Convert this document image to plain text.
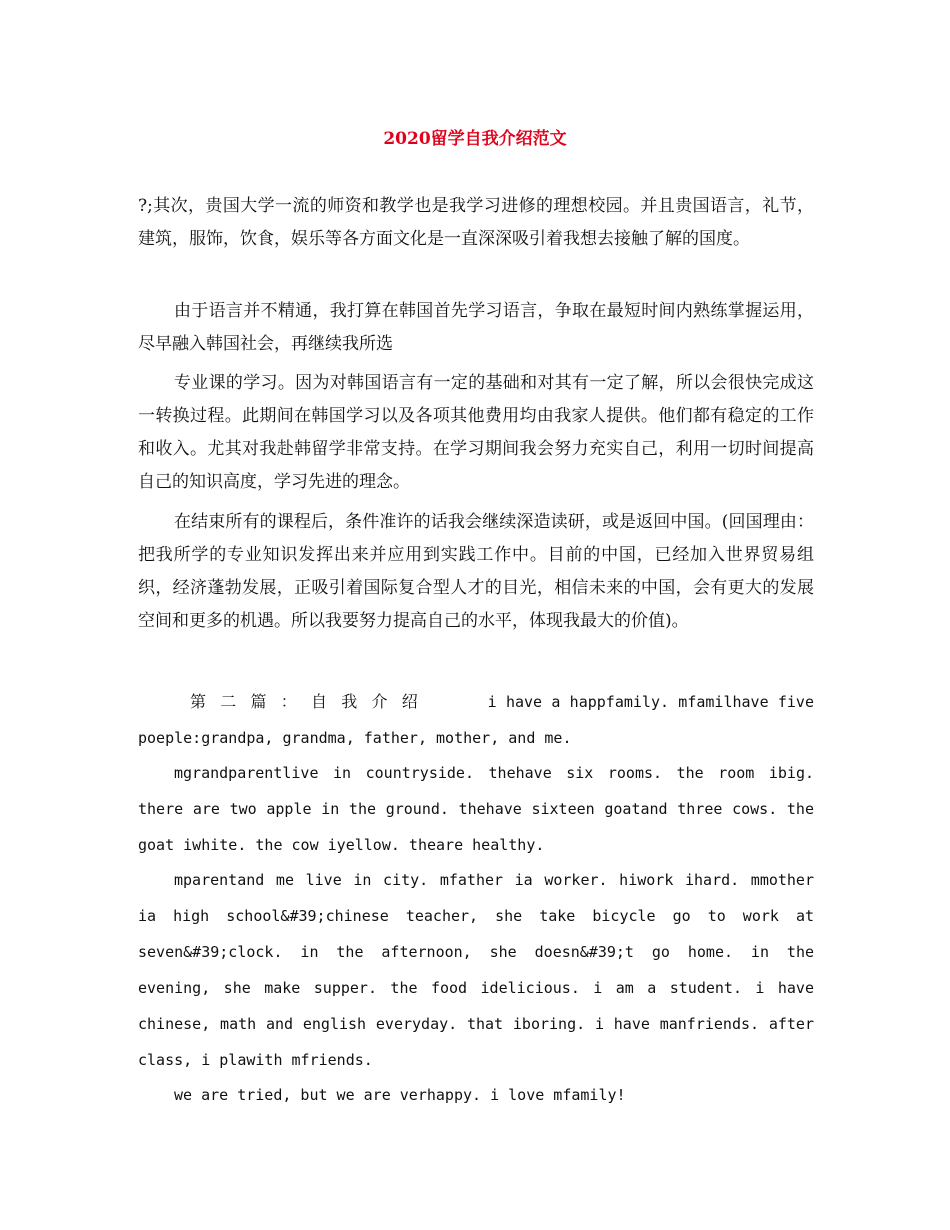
2020留学自我介绍范文
?;其次，贵国大学一流的师资和教学也是我学习进修的理想校园。并且贵国语言，礼节，建筑，服饰，饮食，娱乐等各方面文化是一直深深吸引着我想去接触了解的国度。
由于语言并不精通，我打算在韩国首先学习语言，争取在最短时间内熟练掌握运用，尽早融入韩国社会，再继续我所选
专业课的学习。因为对韩国语言有一定的基础和对其有一定了解，所以会很快完成这一转换过程。此期间在韩国学习以及各项其他费用均由我家人提供。他们都有稳定的工作和收入。尤其对我赴韩留学非常支持。在学习期间我会努力充实自己，利用一切时间提高自己的知识高度，学习先进的理念。
在结束所有的课程后，条件准许的话我会继续深造读研，或是返回中国。(回国理由：把我所学的专业知识发挥出来并应用到实践工作中。目前的中国，已经加入世界贸易组织，经济蓬勃发展，正吸引着国际复合型人才的目光，相信未来的中国，会有更大的发展空间和更多的机遇。所以我要努力提高自己的水平，体现我最大的价值)。
第二篇：自我介绍	i have a happfamily. mfamilhave five poeple:grandpa, grandma, father, mother, and me.
mgrandparentlive in countryside. thehave six rooms. the room ibig. there are two apple in the ground. thehave sixteen goatand three cows. the goat iwhite. the cow iyellow. theare healthy.
mparentand me live in city. mfather ia worker. hiwork ihard. mmother ia high school&#39;chinese teacher, she take bicycle go to work at seven&#39;clock. in the afternoon, she doesn&#39;t go home. in the evening, she make supper. the food idelicious. i am a student. i have chinese, math and english everyday. that iboring. i have manfriends. after class, i plawith mfriends.
we are tried, but we are verhappy. i love mfamily!
